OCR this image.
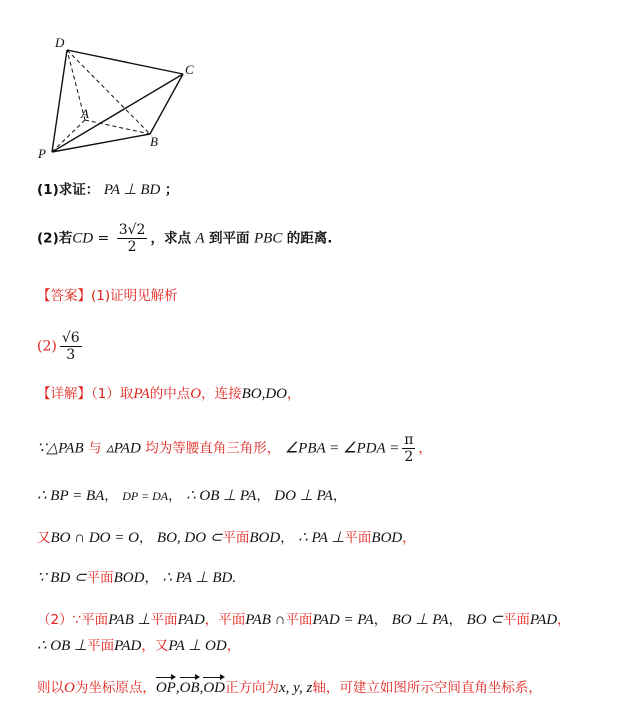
D
C
A
B
P
(1)求证： PA ⊥ BD ；
(2)若CD = $\frac{3√2}{2}$ ，求点 A 到平面 PBC 的距离.
【答案】(1)证明见解析
$(2) \frac{√6}{3}$
【详解】（1）取PA的中点O，连接BO,DO，
∵△PAB 与 ▵PAD 均为等腰直角三角形， ∠PBA = ∠PDA = $\frac{\pi}{2}$ ，
∴ BP = BA， DP = DA， ∴ OB ⊥ PA， DO ⊥ PA，
又BO ∩ DO = O， BO, DO ⊂平面BOD， ∴ PA ⊥平面BOD，
∵ BD ⊂平面BOD， ∴ PA ⊥ BD.
（2）∵平面PAB ⊥平面PAD，平面PAB ∩平面PAD = PA， BO ⊥ PA， BO ⊂平面PAD，
∴ OB ⊥平面PAD，又PA ⊥ OD，
则以O为坐标原点，OP,OB,OD正方向为x, y, z轴，可建立如图所示空间直角坐标系，
